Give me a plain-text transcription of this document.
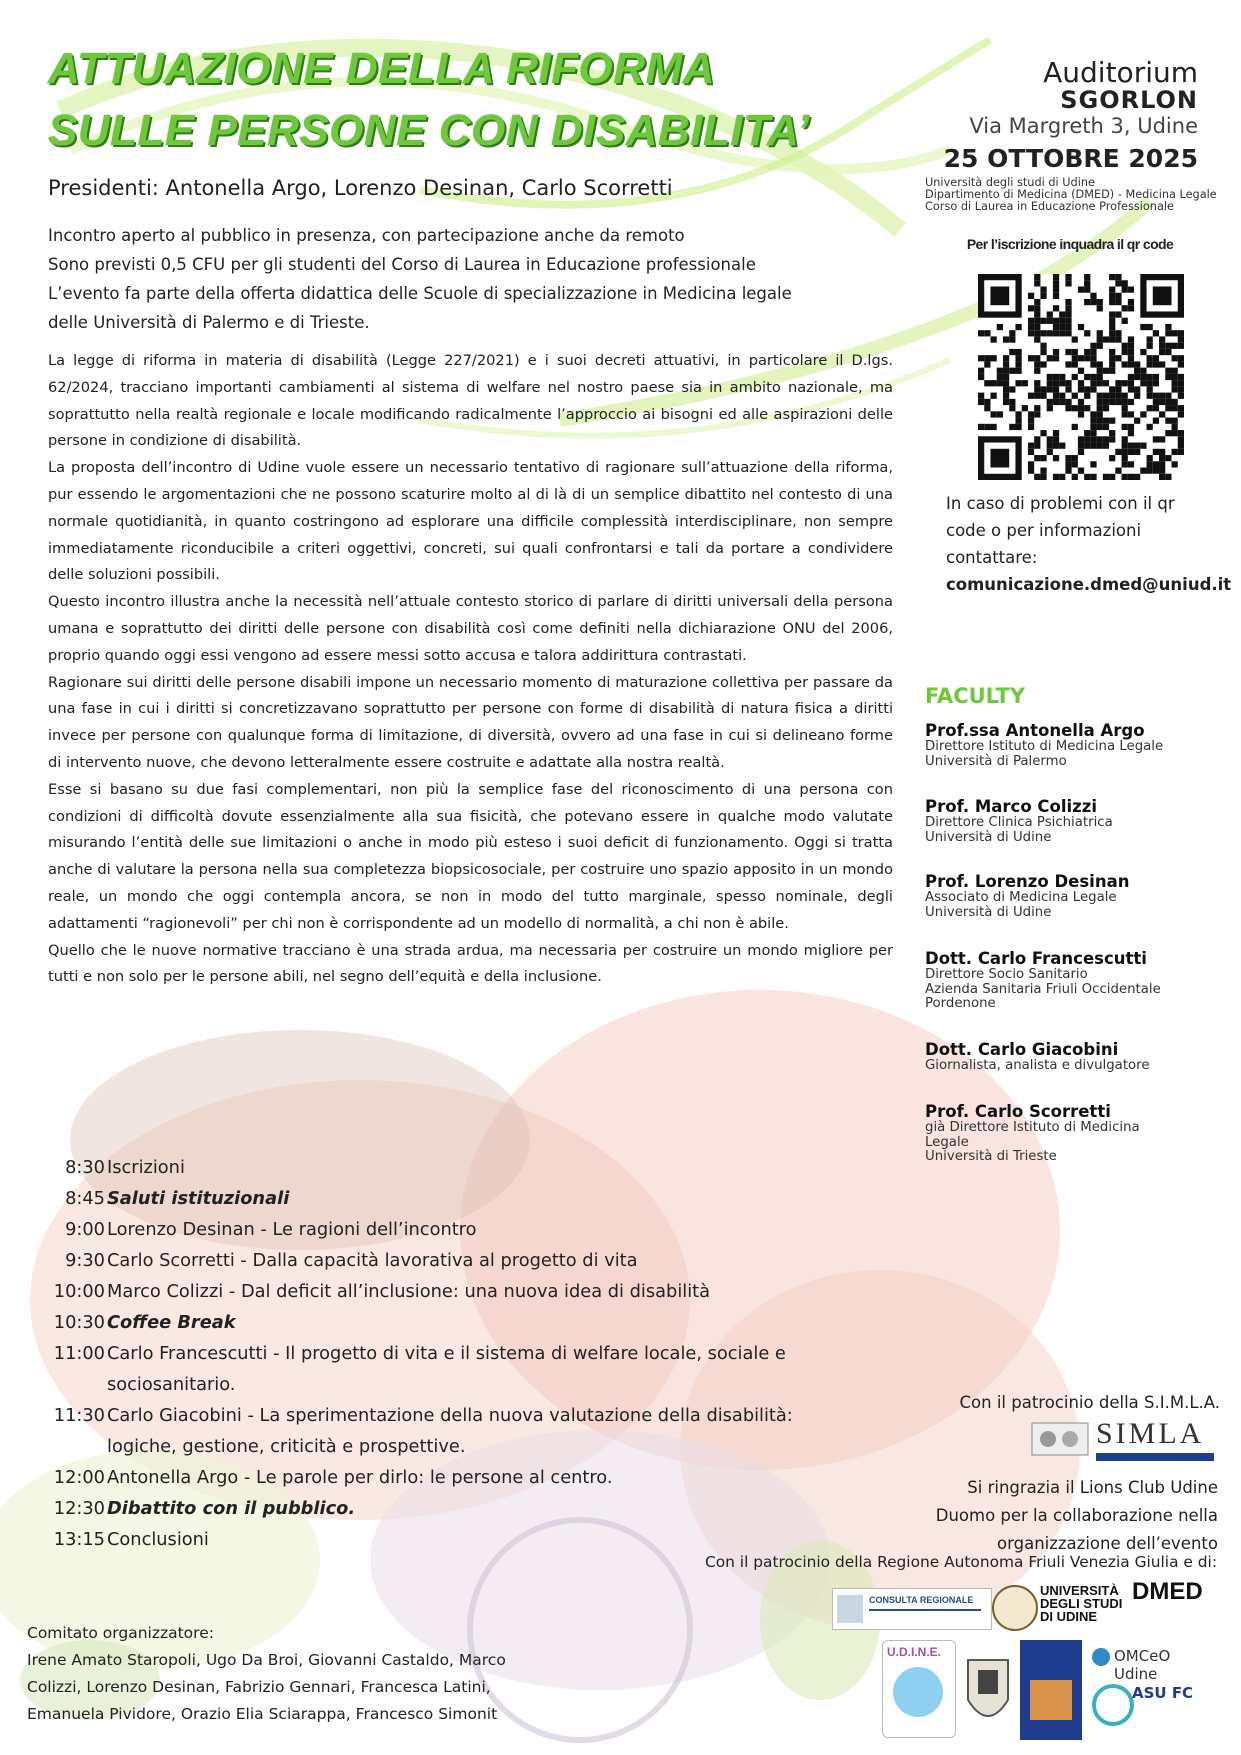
ATTUAZIONE DELLA RIFORMA
SULLE PERSONE CON DISABILITA’
Presidenti: Antonella Argo, Lorenzo Desinan, Carlo Scorretti
Incontro aperto al pubblico in presenza, con partecipazione anche da remoto
Sono previsti 0,5 CFU per gli studenti del Corso di Laurea in Educazione professionale
L’evento fa parte della offerta didattica delle Scuole di specializzazione in Medicina legale
delle Università di Palermo e di Trieste.

La legge di riforma in materia di disabilità (Legge 227/2021) e i suoi decreti attuativi, in particolare il D.lgs. 62/2024, tracciano importanti cambiamenti al sistema di welfare nel nostro paese sia in ambito nazionale, ma soprattutto nella realtà regionale e locale modificando radicalmente l’approccio ai bisogni ed alle aspirazioni delle persone in condizione di disabilità.

La proposta dell’incontro di Udine vuole essere un necessario tentativo di ragionare sull’attuazione della riforma, pur essendo le argomentazioni che ne possono scaturire molto al di là di un semplice dibattito nel contesto di una normale quotidianità, in quanto costringono ad esplorare una difficile complessità interdisciplinare, non sempre immediatamente riconducibile a criteri oggettivi, concreti, sui quali confrontarsi e tali da portare a condividere delle soluzioni possibili.

Questo incontro illustra anche la necessità nell’attuale contesto storico di parlare di diritti universali della persona umana e soprattutto dei diritti delle persone con disabilità così come definiti nella dichiarazione ONU del 2006, proprio quando oggi essi vengono ad essere messi sotto accusa e talora addirittura contrastati.

Ragionare sui diritti delle persone disabili impone un necessario momento di maturazione collettiva per passare da una fase in cui i diritti si concretizzavano soprattutto per persone con forme di disabilità di natura fisica a diritti invece per persone con qualunque forma di limitazione, di diversità, ovvero ad una fase in cui si delineano forme di intervento nuove, che devono letteralmente essere costruite e adattate alla nostra realtà.

Esse si basano su due fasi complementari, non più la semplice fase del riconoscimento di una persona con condizioni di difficoltà dovute essenzialmente alla sua fisicità, che potevano essere in qualche modo valutate misurando l’entità delle sue limitazioni o anche in modo più esteso i suoi deficit di funzionamento. Oggi si tratta anche di valutare la persona nella sua completezza biopsicosociale, per costruire uno spazio apposito in un mondo reale, un mondo che oggi contempla ancora, se non in modo del tutto marginale, spesso nominale, degli adattamenti “ragionevoli” per chi non è corrispondente ad un modello di normalità, a chi non è abile.

Quello che le nuove normative tracciano è una strada ardua, ma necessaria per costruire un mondo migliore per tutti e non solo per le persone abili, nel segno dell’equità e della inclusione.

Auditorium
SGORLON
Via Margreth 3, Udine
25 OTTOBRE 2025
Università degli studi di Udine
Dipartimento di Medicina (DMED) - Medicina Legale
Corso di Laurea in Educazione Professionale
Per l’iscrizione inquadra il qr code
In caso di problemi con il qr
code o per informazioni
contattare:
comunicazione.dmed@uniud.it
FACULTY
Prof.ssa Antonella Argo
Direttore Istituto di Medicina Legale
Università di Palermo
Prof. Marco Colizzi
Direttore Clinica Psichiatrica
Università di Udine
Prof. Lorenzo Desinan
Associato di Medicina Legale
Università di Udine
Dott. Carlo Francescutti
Direttore Socio Sanitario
Azienda Sanitaria Friuli Occidentale
Pordenone
Dott. Carlo Giacobini
Giornalista, analista e divulgatore
Prof. Carlo Scorretti
già Direttore Istituto di Medicina
Legale
Università di Trieste
8:30 Iscrizioni
8:45 Saluti istituzionali
9:00 Lorenzo Desinan - Le ragioni dell’incontro
9:30 Carlo Scorretti - Dalla capacità lavorativa al progetto di vita
10:00 Marco Colizzi - Dal deficit all’inclusione: una nuova idea di disabilità
10:30 Coffee Break
11:00 Carlo Francescutti - Il progetto di vita e il sistema di welfare locale, sociale e sociosanitario.
11:30 Carlo Giacobini - La sperimentazione della nuova valutazione della disabilità: logiche, gestione, criticità e prospettive.
12:00 Antonella Argo - Le parole per dirlo: le persone al centro.
12:30 Dibattito con il pubblico.
13:15 Conclusioni
Comitato organizzatore:
Irene Amato Staropoli, Ugo Da Broi, Giovanni Castaldo, Marco
Colizzi, Lorenzo Desinan, Fabrizio Gennari, Francesca Latini,
Emanuela Pividore, Orazio Elia Sciarappa, Francesco Simonit
Con il patrocinio della S.I.M.L.A.
SIMLA
Si ringrazia il Lions Club Udine
Duomo per la collaborazione nella
organizzazione dell’evento
Con il patrocinio della Regione Autonoma Friuli Venezia Giulia e di:
CONSULTA REGIONALE
UNIVERSITÀ
DEGLI STUDI
DI UDINE
DMED
U.D.I.N.E.	OMCeO Udine
ASU FC
